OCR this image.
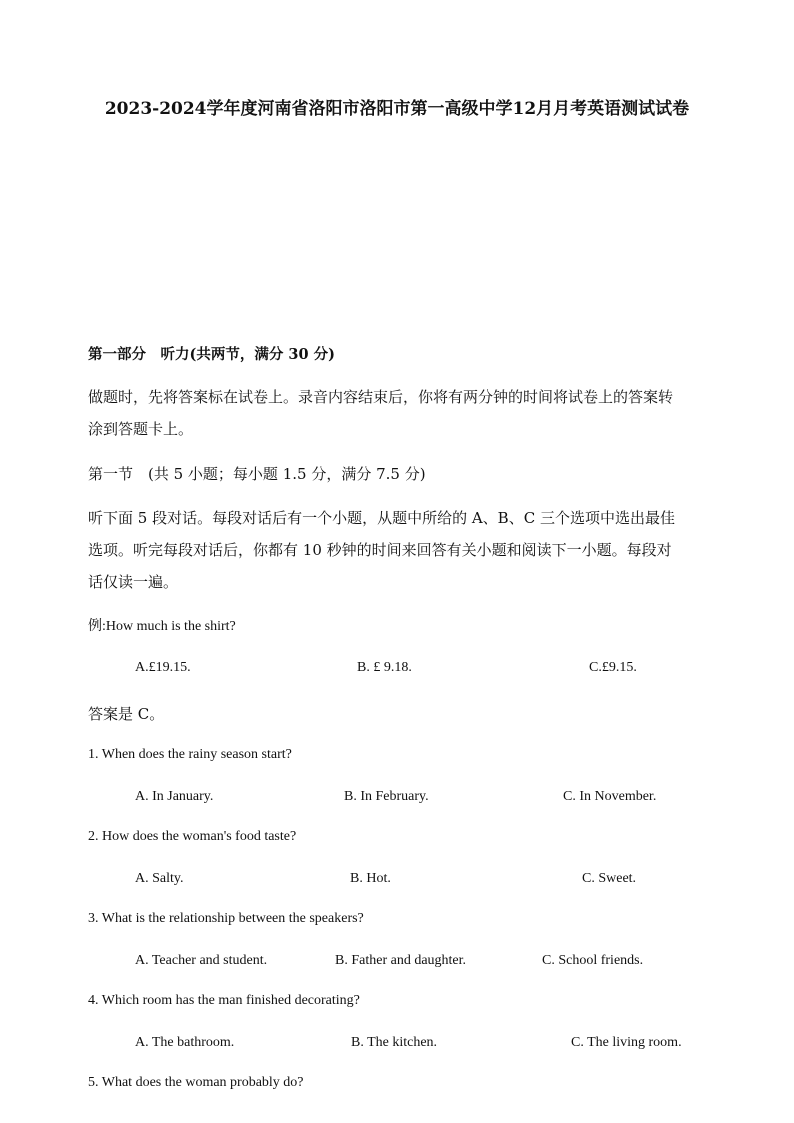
2023-2024学年度河南省洛阳市洛阳市第一高级中学12月月考英语测试试卷
第一部分　听力(共两节，满分 30 分)
做题时，先将答案标在试卷上。录音内容结束后，你将有两分钟的时间将试卷上的答案转
涂到答题卡上。
第一节　(共 5 小题；每小题 1.5 分，满分 7.5 分)
听下面 5 段对话。每段对话后有一个小题，从题中所给的 A、B、C 三个选项中选出最佳
选项。听完每段对话后，你都有 10 秒钟的时间来回答有关小题和阅读下一小题。每段对
话仅读一遍。
例:How much is the shirt?
A.£19.15.	B. £ 9.18.	C.£9.15.
答案是 C。
1. When does the rainy season start?
A. In January.	B. In February.	C. In November.
2. How does the woman's food taste?
A. Salty.	B. Hot.	C. Sweet.
3. What is the relationship between the speakers?
A. Teacher and student.	B. Father and daughter.	C. School friends.
4. Which room has the man finished decorating?
A. The bathroom.	B. The kitchen.	C. The living room.
5. What does the woman probably do?
